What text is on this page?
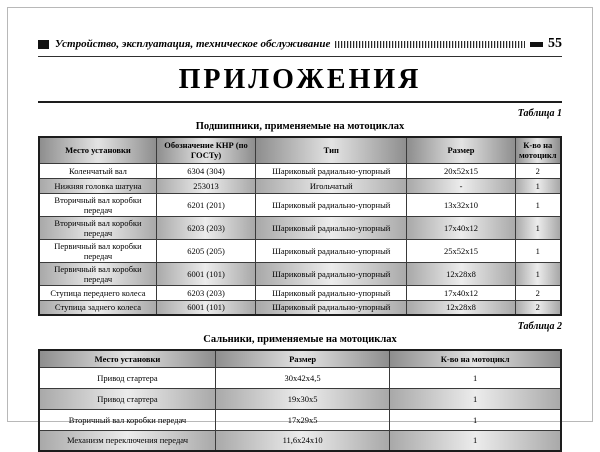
Устройство, эксплуатация, техническое обслуживание	55
ПРИЛОЖЕНИЯ
Таблица 1
Подшипники, применяемые на мотоциклах
Место установки	Обозначение КНР (по ГОСТу)	Тип	Размер	К-во на мотоцикл
Коленчатый вал	6304 (304)	Шариковый радиально-упорный	20x52x15	2
Нижняя головка шатуна	253013	Игольчатый	-	1
Вторичный вал коробки передач	6201 (201)	Шариковый радиально-упорный	13x32x10	1
Вторичный вал коробки передач	6203 (203)	Шариковый радиально-упорный	17x40x12	1
Первичный вал коробки передач	6205 (205)	Шариковый радиально-упорный	25x52x15	1
Первичный вал коробки передач	6001 (101)	Шариковый радиально-упорный	12x28x8	1
Ступица переднего колеса	6203 (203)	Шариковый радиально-упорный	17x40x12	2
Ступица заднего колеса	6001 (101)	Шариковый радиально-упорный	12x28x8	2
Таблица 2
Сальники, применяемые на мотоциклах
Место установки	Размер	К-во на мотоцикл
Привод стартера	30x42x4,5	1
Привод стартера	19x30x5	1
Вторичный вал коробки передач	17x29x5	1
Механизм переключения передач	11,6x24x10	1
